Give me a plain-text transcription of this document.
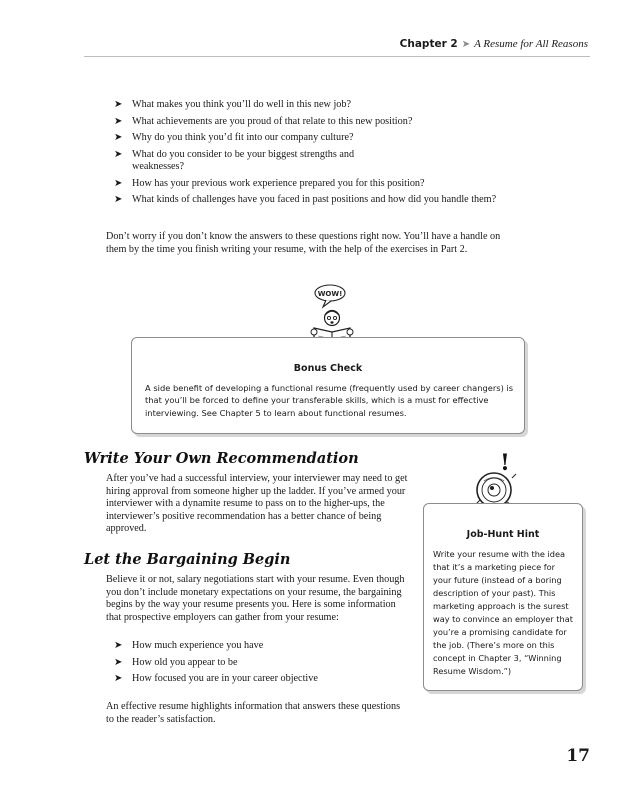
Chapter 2 ➤ A Resume for All Reasons
➤ What makes you think you’ll do well in this new job?
➤ What achievements are you proud of that relate to this new position?
➤ Why do you think you’d fit into our company culture?
➤ What do you consider to be your biggest strengths and weaknesses?
➤ How has your previous work experience prepared you for this position?
➤ What kinds of challenges have you faced in past positions and how did you handle them?

Don’t worry if you don’t know the answers to these questions right now. You’ll have a handle on them by the time you finish writing your resume, with the help of the exercises in Part 2.

WOW!
Bonus Check
A side benefit of developing a functional resume (frequently used by career changers) is that you’ll be forced to define your transferable skills, which is a must for effective interviewing. See Chapter 5 to learn about functional resumes.
Write Your Own Recommendation

After you’ve had a successful interview, your interviewer may need to get hiring approval from someone higher up the ladder. If you’ve armed your interviewer with a dynamite resume to pass on to the higher-ups, the interviewer’s positive recommendation has a better chance of being approved.

Let the Bargaining Begin

Believe it or not, salary negotiations start with your resume. Even though you don’t include monetary expectations on your resume, the bargaining begins by the way your resume presents you. Here is some information that prospective employers can gather from your resume:

➤ How much experience you have
➤ How old you appear to be
➤ How focused you are in your career objective

An effective resume highlights information that answers these questions to the reader’s satisfaction.

!
Job-Hunt Hint
Write your resume with the idea that it’s a marketing piece for your future (instead of a boring description of your past). This marketing approach is the surest way to convince an employer that you’re a promising candidate for the job. (There’s more on this concept in Chapter 3, “Winning Resume Wisdom.”)
17
